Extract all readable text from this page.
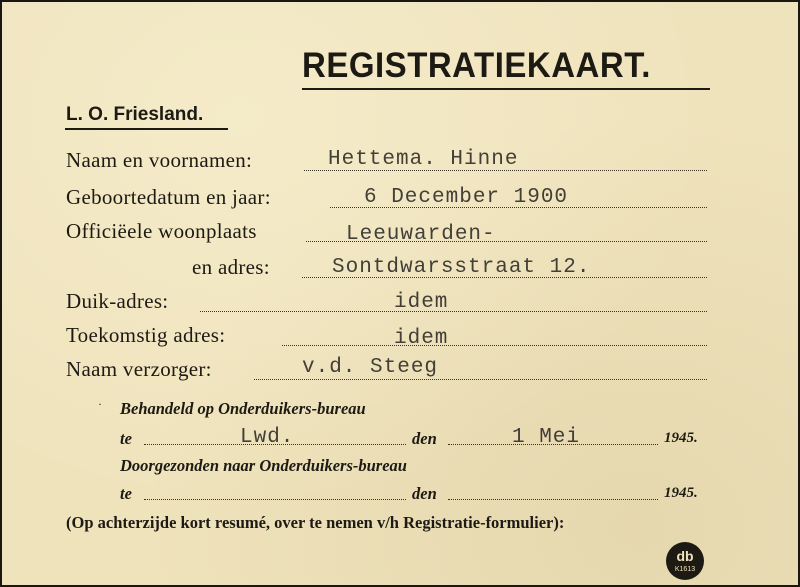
REGISTRATIEKAART.
L. O. Friesland.
Naam en voornamen:	Hettema. Hinne
Geboortedatum en jaar:	6 December 1900
Officiëele woonplaats	Leeuwarden-
en adres:	Sontdwarsstraat 12.
Duik-adres:	idem
Toekomstig adres:	idem
Naam verzorger:	v.d. Steeg
· Behandeld op Onderduikers-bureau
te	Lwd.	den	1 Mei	1945.
Doorgezonden naar Onderduikers-bureau
te	den	1945.
(Op achterzijde kort resumé, over te nemen v/h Registratie-formulier):
db
K1613
